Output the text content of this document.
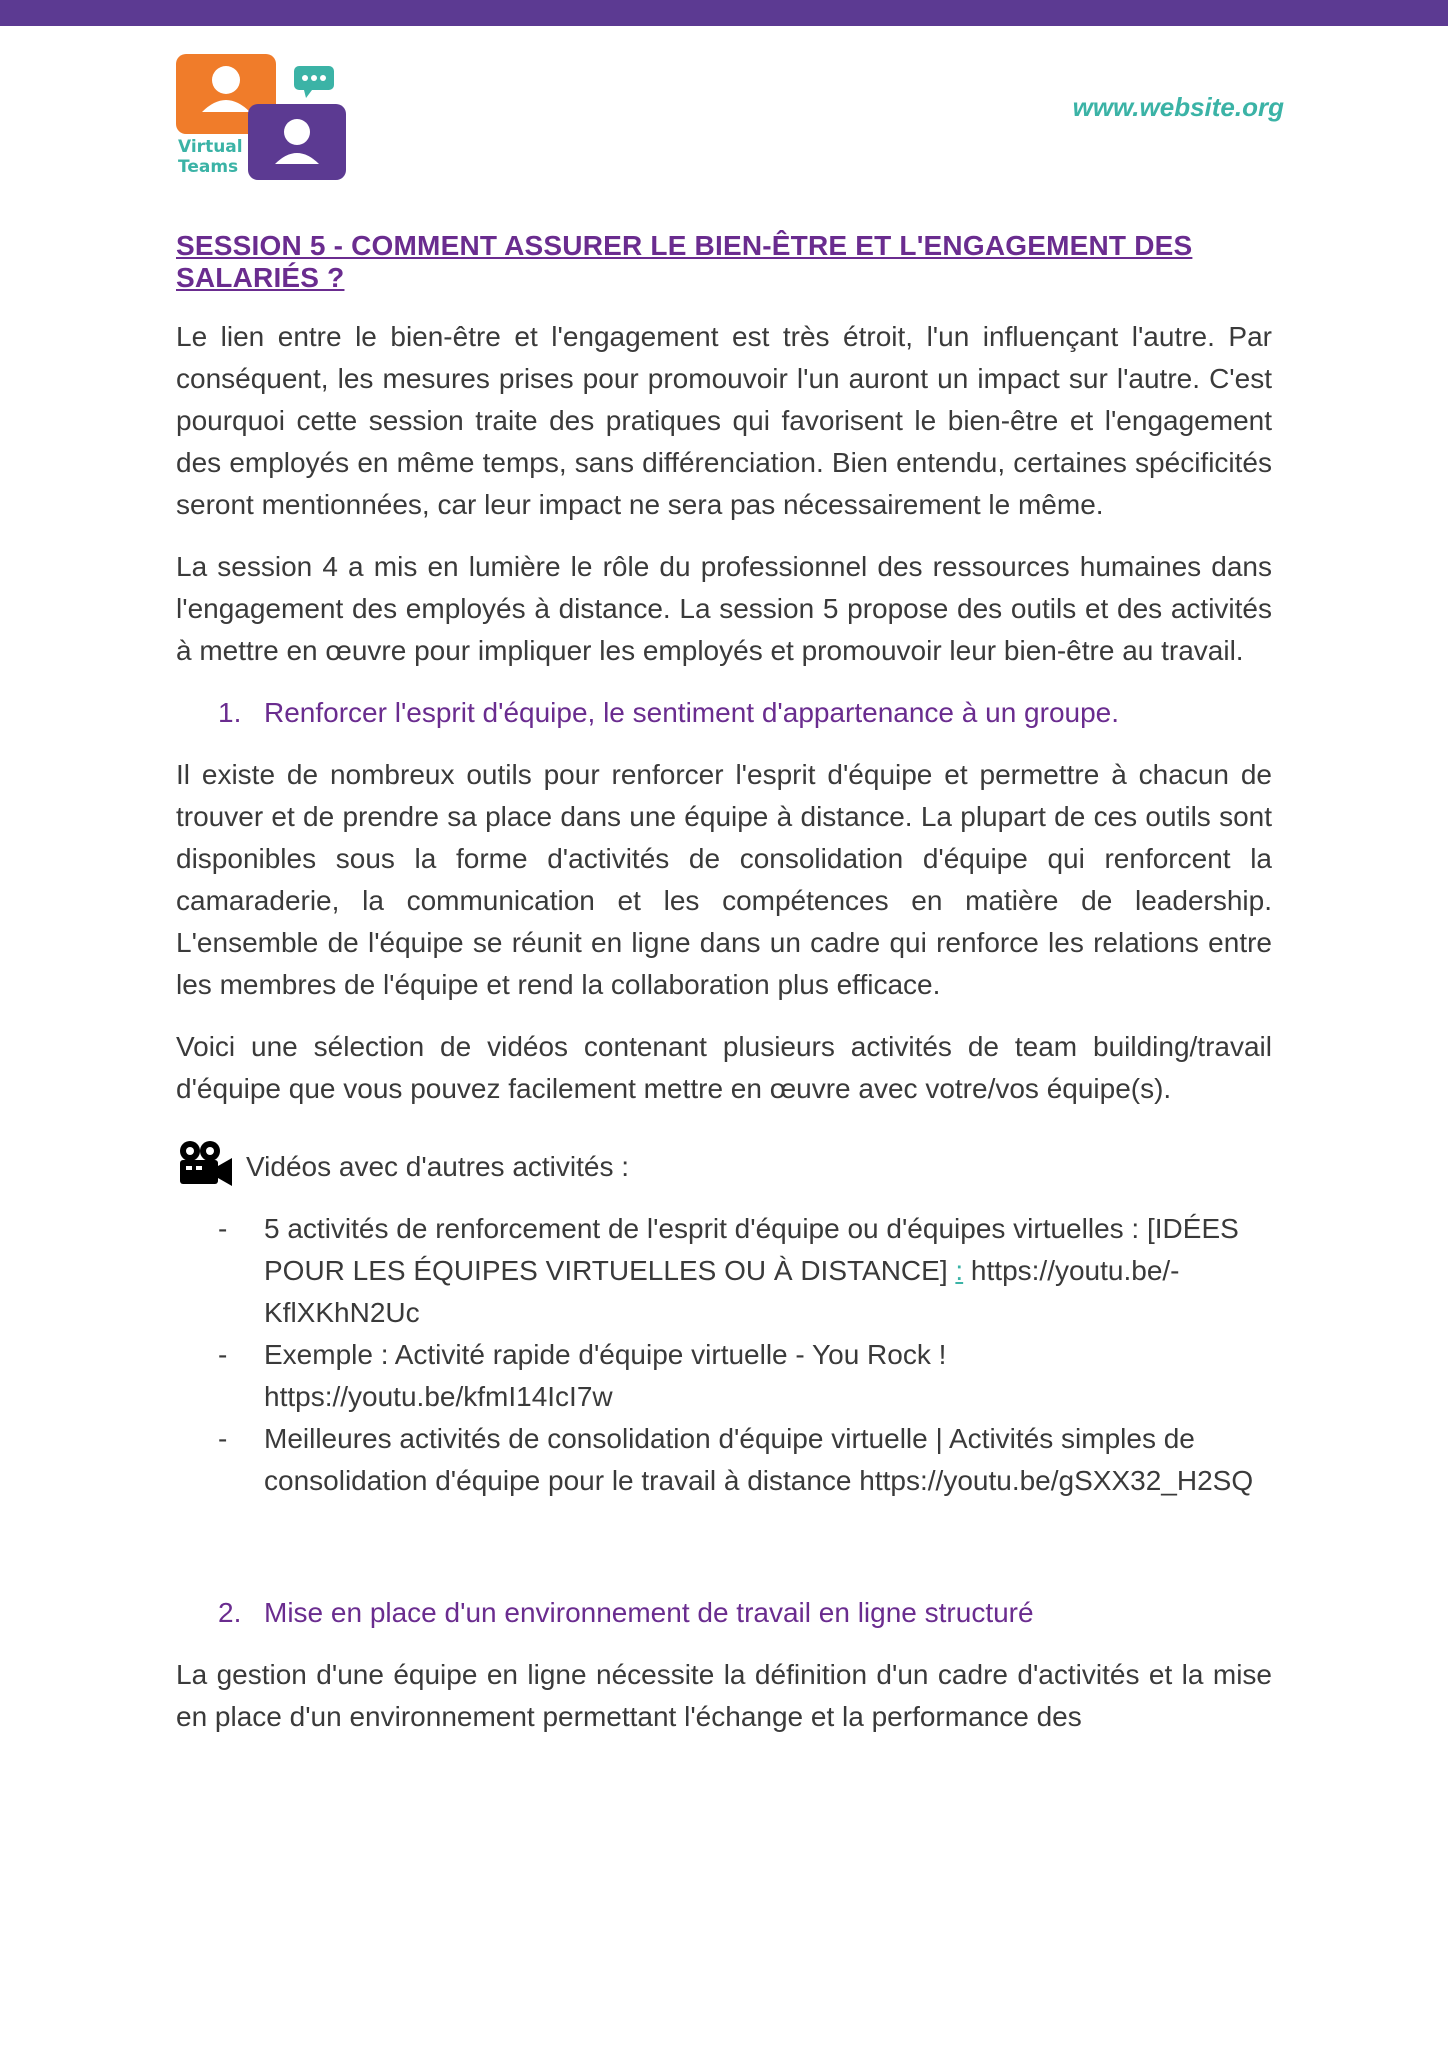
Virtual
Teams
www.website.org
SESSION 5 - COMMENT ASSURER LE BIEN-ÊTRE ET L'ENGAGEMENT DES SALARIÉS ?

Le lien entre le bien-être et l'engagement est très étroit, l'un influençant l'autre. Par conséquent, les mesures prises pour promouvoir l'un auront un impact sur l'autre. C'est pourquoi cette session traite des pratiques qui favorisent le bien-être et l'engagement des employés en même temps, sans différenciation. Bien entendu, certaines spécificités seront mentionnées, car leur impact ne sera pas nécessairement le même.

La session 4 a mis en lumière le rôle du professionnel des ressources humaines dans l'engagement des employés à distance. La session 5 propose des outils et des activités à mettre en œuvre pour impliquer les employés et promouvoir leur bien-être au travail.

1. Renforcer l'esprit d'équipe, le sentiment d'appartenance à un groupe.

Il existe de nombreux outils pour renforcer l'esprit d'équipe et permettre à chacun de trouver et de prendre sa place dans une équipe à distance. La plupart de ces outils sont disponibles sous la forme d'activités de consolidation d'équipe qui renforcent la camaraderie, la communication et les compétences en matière de leadership. L'ensemble de l'équipe se réunit en ligne dans un cadre qui renforce les relations entre les membres de l'équipe et rend la collaboration plus efficace.

Voici une sélection de vidéos contenant plusieurs activités de team building/travail d'équipe que vous pouvez facilement mettre en œuvre avec votre/vos équipe(s).

Vidéos avec d'autres activités :
-	5 activités de renforcement de l'esprit d'équipe ou d'équipes virtuelles : [IDÉES POUR LES ÉQUIPES VIRTUELLES OU À DISTANCE] : https://youtu.be/-KflXKhN2Uc
-	Exemple : Activité rapide d'équipe virtuelle - You Rock ! https://youtu.be/kfmI14IcI7w
-	Meilleures activités de consolidation d'équipe virtuelle | Activités simples de consolidation d'équipe pour le travail à distance https://youtu.be/gSXX32_H2SQ
2. Mise en place d'un environnement de travail en ligne structuré

La gestion d'une équipe en ligne nécessite la définition d'un cadre d'activités et la mise en place d'un environnement permettant l'échange et la performance des
